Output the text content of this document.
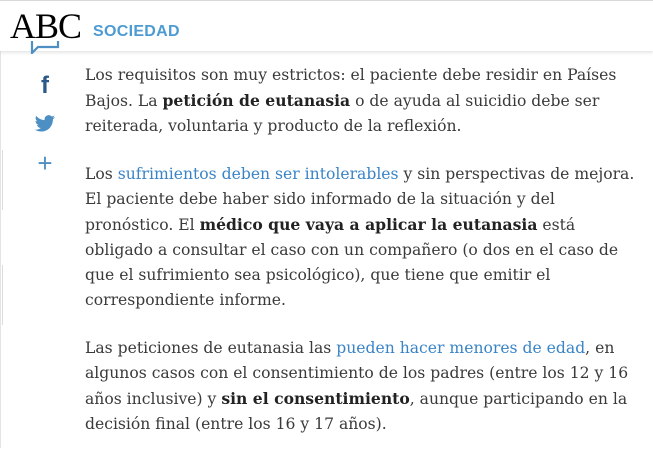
ABC SOCIEDAD
f
+

Los requisitos son muy estrictos: el paciente debe residir en Países Bajos. La petición de eutanasia o de ayuda al suicidio debe ser reiterada, voluntaria y producto de la reflexión.

Los sufrimientos deben ser intolerables y sin perspectivas de mejora. El paciente debe haber sido informado de la situación y del pronóstico. El médico que vaya a aplicar la eutanasia está obligado a consultar el caso con un compañero (o dos en el caso de que el sufrimiento sea psicológico), que tiene que emitir el correspondiente informe.

Las peticiones de eutanasia las pueden hacer menores de edad, en algunos casos con el consentimiento de los padres (entre los 12 y 16 años inclusive) y sin el consentimiento, aunque participando en la decisión final (entre los 16 y 17 años).
